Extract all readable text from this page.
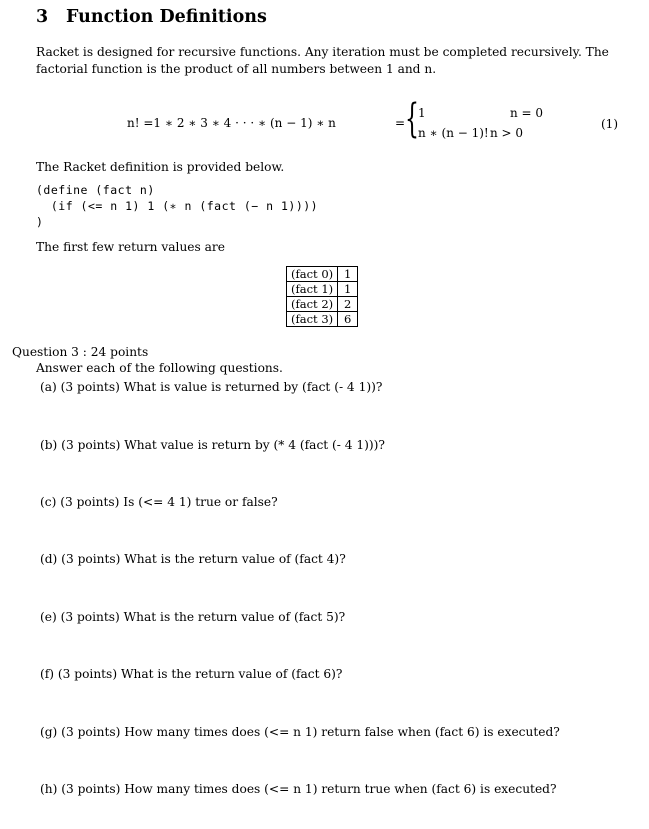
3 Function Definitions
Racket is designed for recursive functions. Any iteration must be completed recursively. The factorial function is the product of all numbers between 1 and n.
n! =1 ∗ 2 ∗ 3 ∗ 4 · · · ∗ (n − 1) ∗ n	= { 1	n = 0
n ∗ (n − 1)! n > 0
(1)
The Racket definition is provided below.
(define (fact n)
(if (<= n 1) 1 (∗ n (fact (− n 1))))
)
The first few return values are
(fact 0)	1
(fact 1)	1
(fact 2)	2
(fact 3)	6
Question 3 : 24 points
Answer each of the following questions.
(a) (3 points) What is value is returned by (fact (- 4 1))?
(b) (3 points) What value is return by (* 4 (fact (- 4 1)))?
(c) (3 points) Is (<= 4 1) true or false?
(d) (3 points) What is the return value of (fact 4)?
(e) (3 points) What is the return value of (fact 5)?
(f) (3 points) What is the return value of (fact 6)?
(g) (3 points) How many times does (<= n 1) return false when (fact 6) is executed?
(h) (3 points) How many times does (<= n 1) return true when (fact 6) is executed?
